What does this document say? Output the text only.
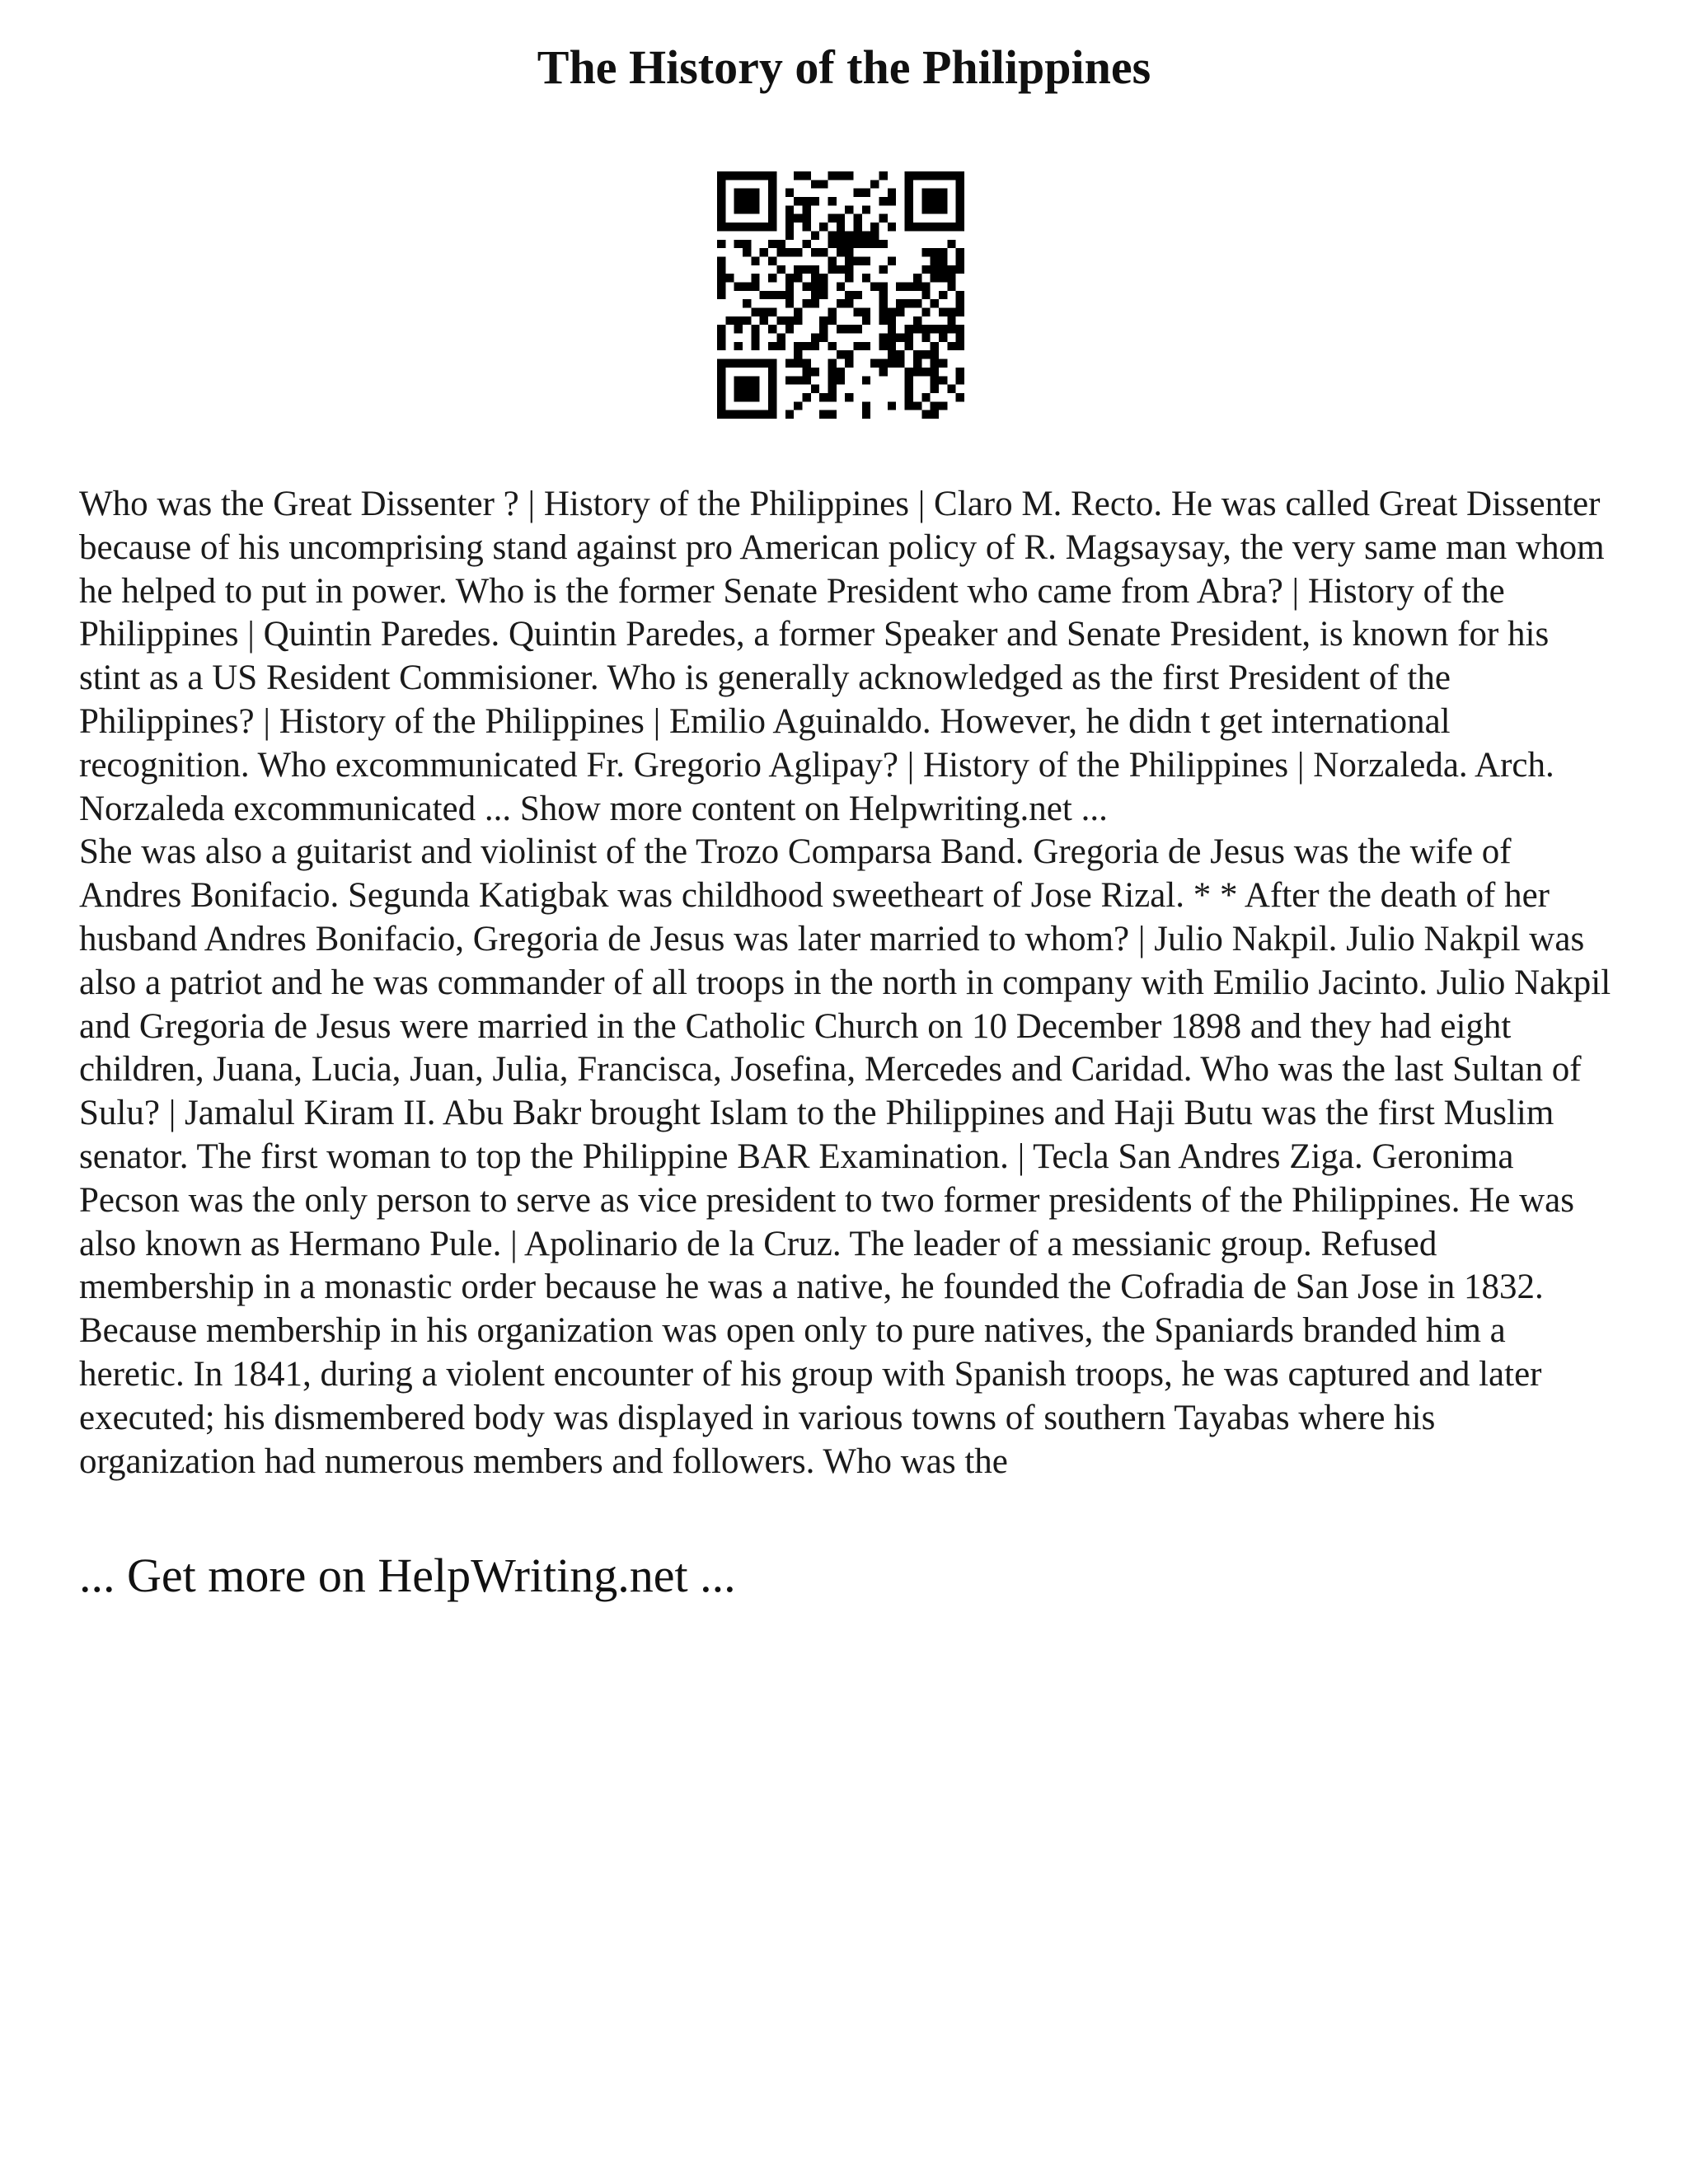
The History of the Philippines

Who was the Great Dissenter ? | History of the Philippines | Claro M. Recto. He was called Great Dissenter because of his uncomprising stand against pro American policy of R. Magsaysay, the very same man whom he helped to put in power. Who is the former Senate President who came from Abra? | History of the Philippines | Quintin Paredes. Quintin Paredes, a former Speaker and Senate President, is known for his stint as a US Resident Commisioner. Who is generally acknowledged as the first President of the Philippines? | History of the Philippines | Emilio Aguinaldo. However, he didn t get international recognition. Who excommunicated Fr. Gregorio Aglipay? | History of the Philippines | Norzaleda. Arch. Norzaleda excommunicated ... Show more content on Helpwriting.net ...

She was also a guitarist and violinist of the Trozo Comparsa Band. Gregoria de Jesus was the wife of Andres Bonifacio. Segunda Katigbak was childhood sweetheart of Jose Rizal. * * After the death of her husband Andres Bonifacio, Gregoria de Jesus was later married to whom? | Julio Nakpil. Julio Nakpil was also a patriot and he was commander of all troops in the north in company with Emilio Jacinto. Julio Nakpil and Gregoria de Jesus were married in the Catholic Church on 10 December 1898 and they had eight children, Juana, Lucia, Juan, Julia, Francisca, Josefina, Mercedes and Caridad. Who was the last Sultan of Sulu? | Jamalul Kiram II. Abu Bakr brought Islam to the Philippines and Haji Butu was the first Muslim senator. The first woman to top the Philippine BAR Examination. | Tecla San Andres Ziga. Geronima Pecson was the only person to serve as vice president to two former presidents of the Philippines. He was also known as Hermano Pule. | Apolinario de la Cruz. The leader of a messianic group. Refused membership in a monastic order because he was a native, he founded the Cofradia de San Jose in 1832. Because membership in his organization was open only to pure natives, the Spaniards branded him a heretic. In 1841, during a violent encounter of his group with Spanish troops, he was captured and later executed; his dismembered body was displayed in various towns of southern Tayabas where his organization had numerous members and followers. Who was the

... Get more on HelpWriting.net ...
